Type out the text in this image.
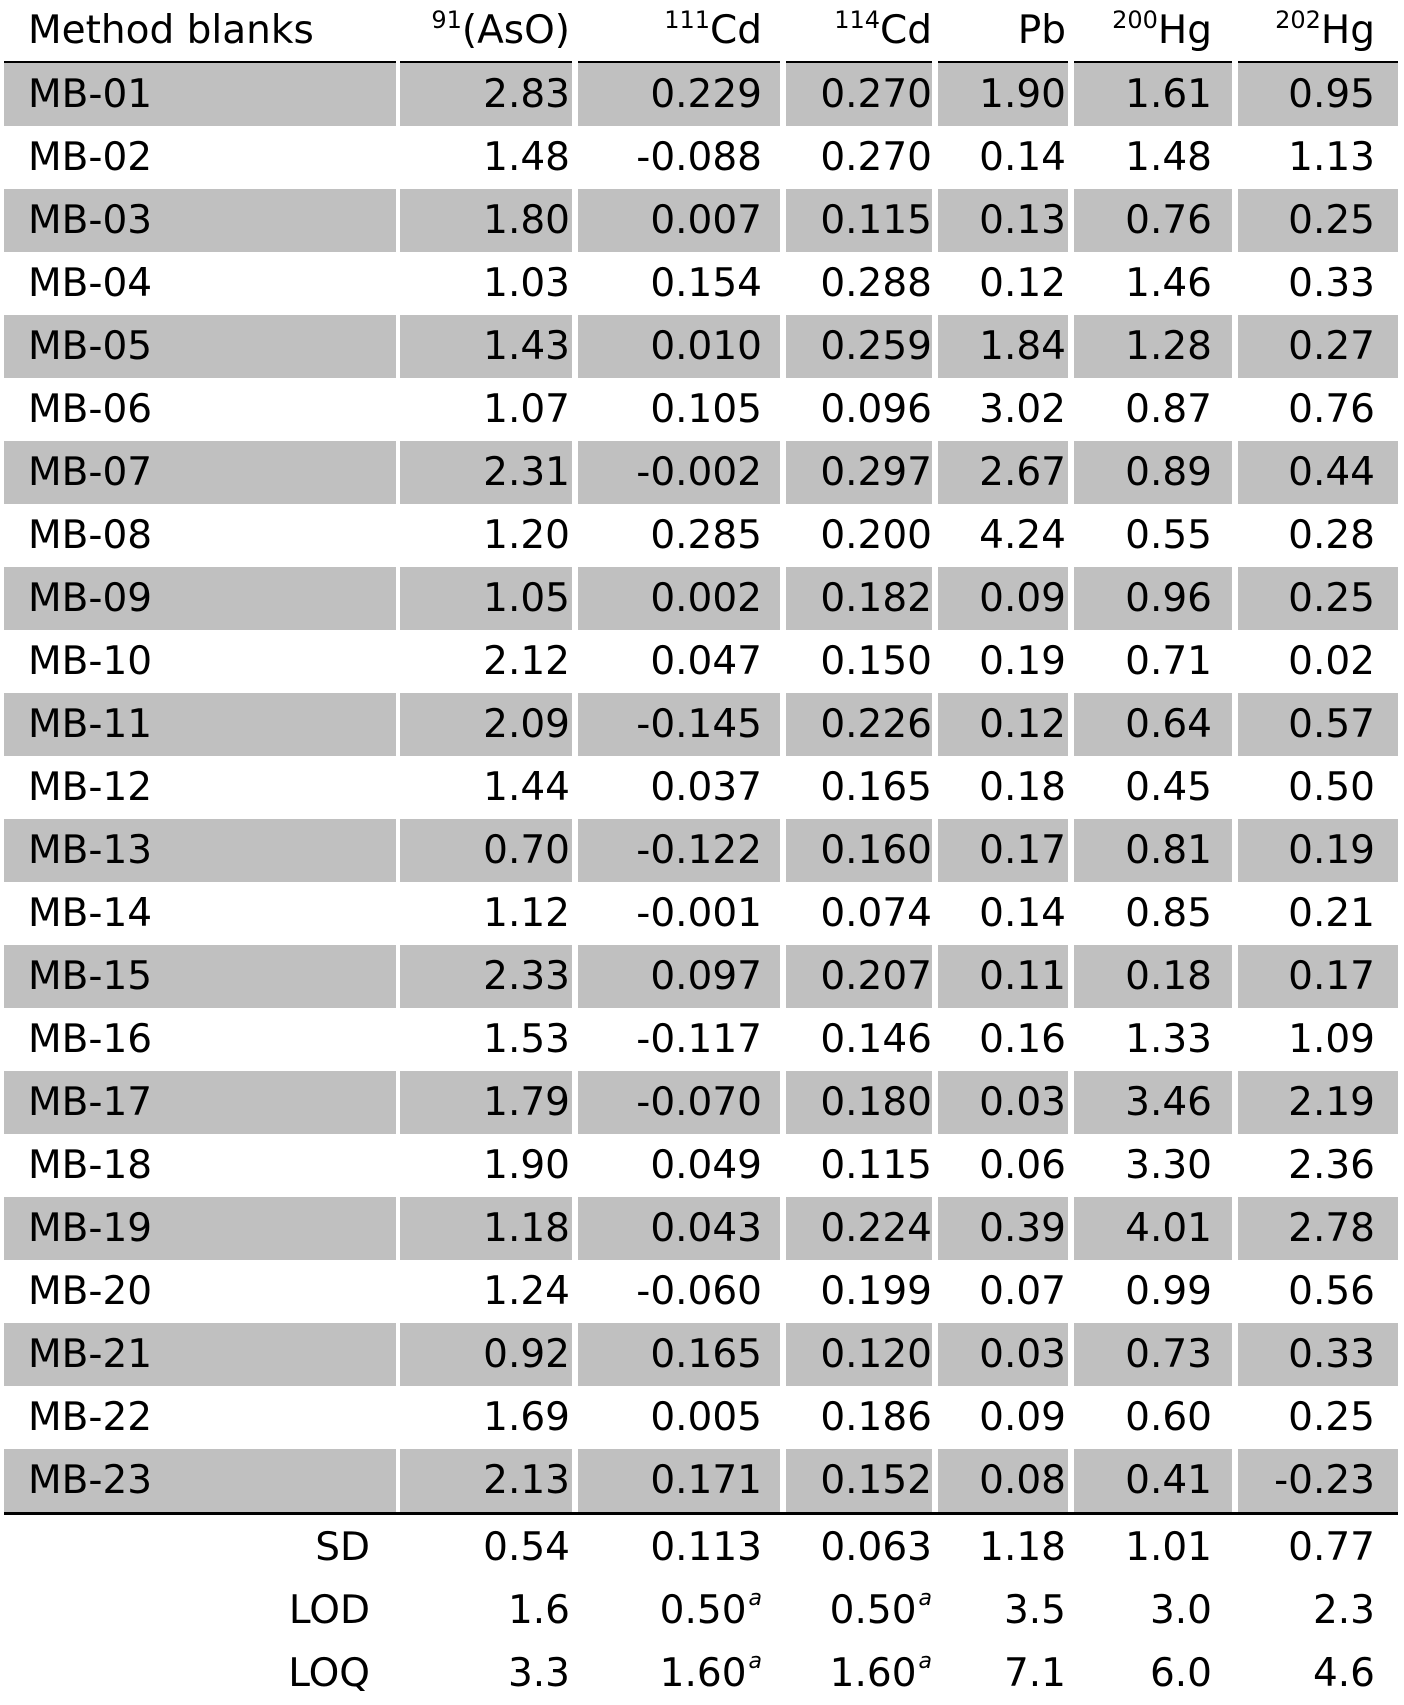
Method blanks	$^{91}$(AsO)	$^{111}$Cd	$^{114}$Cd	Pb	$^{200}$Hg	$^{202}$Hg
MB-01	2.83	0.229	0.270	1.90	1.61	0.95
MB-02	1.48	-0.088	0.270	0.14	1.48	1.13
MB-03	1.80	0.007	0.115	0.13	0.76	0.25
MB-04	1.03	0.154	0.288	0.12	1.46	0.33
MB-05	1.43	0.010	0.259	1.84	1.28	0.27
MB-06	1.07	0.105	0.096	3.02	0.87	0.76
MB-07	2.31	-0.002	0.297	2.67	0.89	0.44
MB-08	1.20	0.285	0.200	4.24	0.55	0.28
MB-09	1.05	0.002	0.182	0.09	0.96	0.25
MB-10	2.12	0.047	0.150	0.19	0.71	0.02
MB-11	2.09	-0.145	0.226	0.12	0.64	0.57
MB-12	1.44	0.037	0.165	0.18	0.45	0.50
MB-13	0.70	-0.122	0.160	0.17	0.81	0.19
MB-14	1.12	-0.001	0.074	0.14	0.85	0.21
MB-15	2.33	0.097	0.207	0.11	0.18	0.17
MB-16	1.53	-0.117	0.146	0.16	1.33	1.09
MB-17	1.79	-0.070	0.180	0.03	3.46	2.19
MB-18	1.90	0.049	0.115	0.06	3.30	2.36
MB-19	1.18	0.043	0.224	0.39	4.01	2.78
MB-20	1.24	-0.060	0.199	0.07	0.99	0.56
MB-21	0.92	0.165	0.120	0.03	0.73	0.33
MB-22	1.69	0.005	0.186	0.09	0.60	0.25
MB-23	2.13	0.171	0.152	0.08	0.41	-0.23
SD	0.54	0.113	0.063	1.18	1.01	0.77
LOD	1.6	0.50$^a$	0.50$^a$	3.5	3.0	2.3
LOQ	3.3	1.60$^a$	1.60$^a$	7.1	6.0	4.6
